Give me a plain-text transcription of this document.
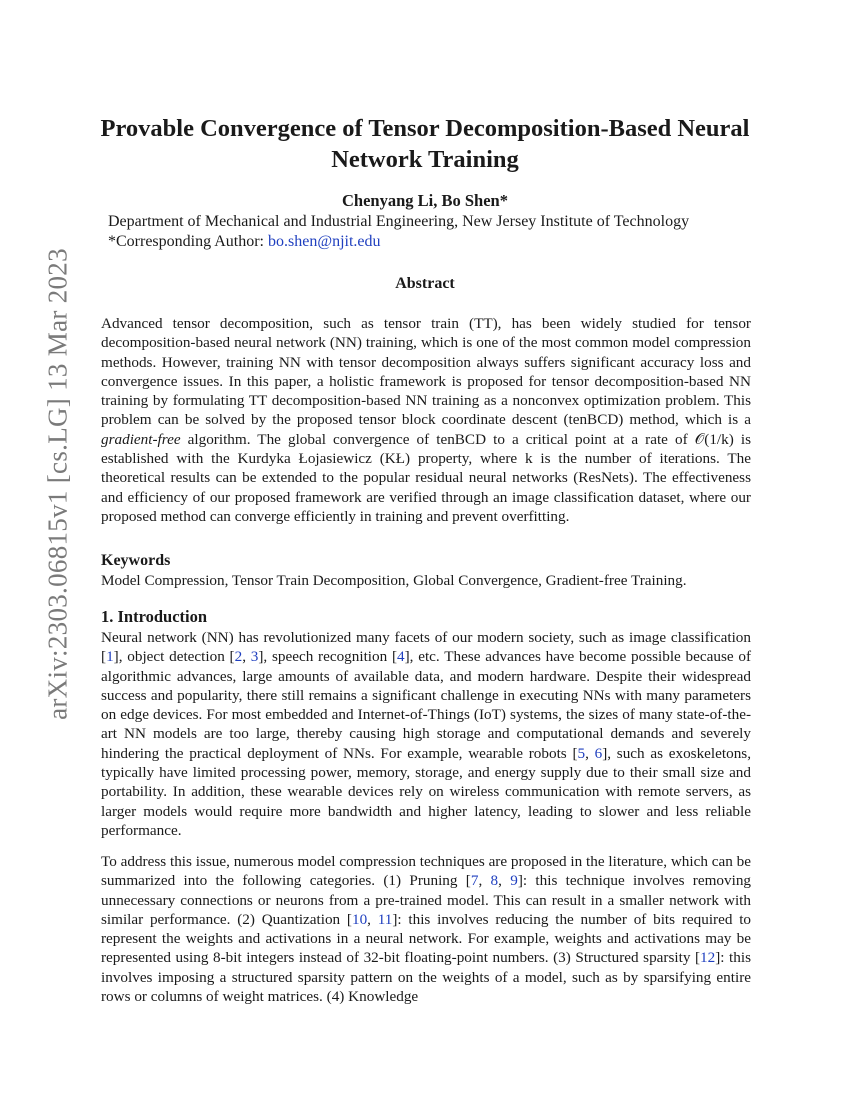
arXiv:2303.06815v1 [cs.LG] 13 Mar 2023
Provable Convergence of Tensor Decomposition-Based Neural Network Training
Chenyang Li, Bo Shen*
Department of Mechanical and Industrial Engineering, New Jersey Institute of Technology
*Corresponding Author: bo.shen@njit.edu
Abstract
Advanced tensor decomposition, such as tensor train (TT), has been widely studied for tensor decomposition-based neural network (NN) training, which is one of the most common model compression methods. However, training NN with tensor decomposition always suffers significant accuracy loss and convergence issues. In this paper, a holistic framework is proposed for tensor decomposition-based NN training by formulating TT decomposition-based NN training as a nonconvex optimization problem. This problem can be solved by the proposed tensor block coordinate descent (tenBCD) method, which is a gradient-free algorithm. The global convergence of tenBCD to a critical point at a rate of 𝒪(1/k) is established with the Kurdyka Łojasiewicz (KŁ) property, where k is the number of iterations. The theoretical results can be extended to the popular residual neural networks (ResNets). The effectiveness and efficiency of our proposed framework are verified through an image classification dataset, where our proposed method can converge efficiently in training and prevent overfitting.
Keywords
Model Compression, Tensor Train Decomposition, Global Convergence, Gradient-free Training.
1. Introduction
Neural network (NN) has revolutionized many facets of our modern society, such as image classification [1], object detection [2, 3], speech recognition [4], etc. These advances have become possible because of algorithmic advances, large amounts of available data, and modern hardware. Despite their widespread success and popularity, there still remains a significant challenge in executing NNs with many parameters on edge devices. For most embedded and Internet-of-Things (IoT) systems, the sizes of many state-of-the-art NN models are too large, thereby causing high storage and computational demands and severely hindering the practical deployment of NNs. For example, wearable robots [5, 6], such as exoskeletons, typically have limited processing power, memory, storage, and energy supply due to their small size and portability. In addition, these wearable devices rely on wireless communication with remote servers, as larger models would require more bandwidth and higher latency, leading to slower and less reliable performance.
To address this issue, numerous model compression techniques are proposed in the literature, which can be summarized into the following categories. (1) Pruning [7, 8, 9]: this technique involves removing unnecessary connections or neurons from a pre-trained model. This can result in a smaller network with similar performance. (2) Quantization [10, 11]: this involves reducing the number of bits required to represent the weights and activations in a neural network. For example, weights and activations may be represented using 8-bit integers instead of 32-bit floating-point numbers. (3) Structured sparsity [12]: this involves imposing a structured sparsity pattern on the weights of a model, such as by sparsifying entire rows or columns of weight matrices. (4) Knowledge
